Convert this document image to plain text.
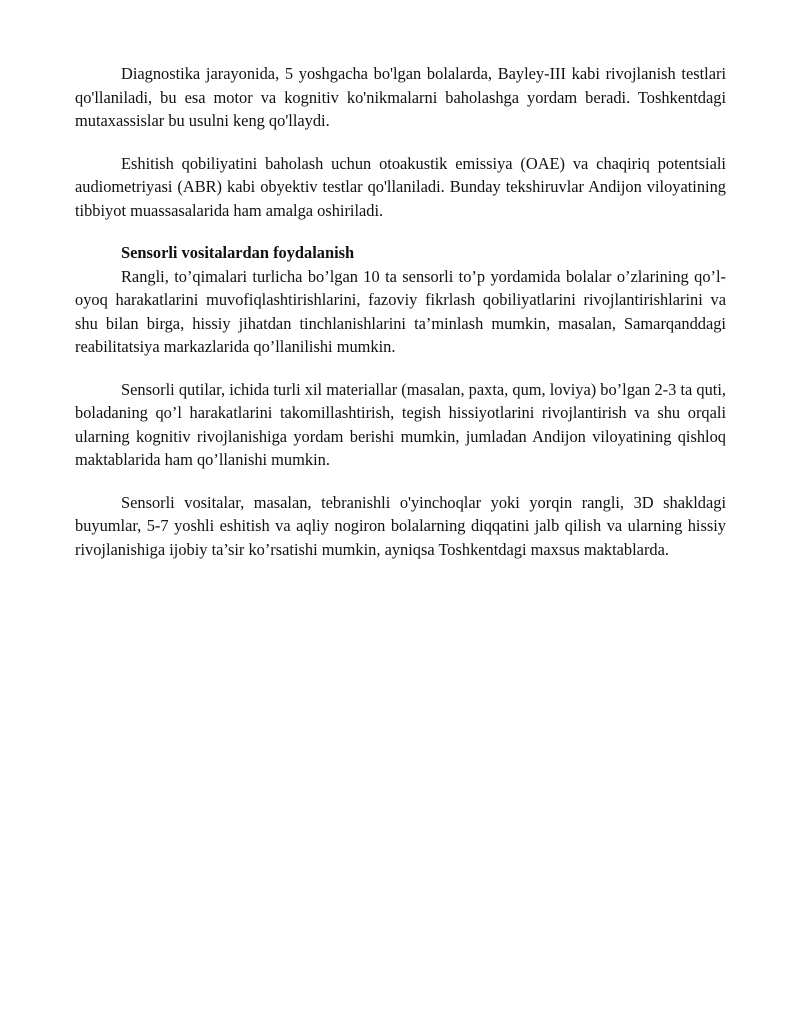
Diagnostika jarayonida, 5 yoshgacha bo'lgan bolalarda, Bayley-III kabi rivojlanish testlari qo'llaniladi, bu esa motor va kognitiv ko'nikmalarni baholashga yordam beradi. Toshkentdagi mutaxassislar bu usulni keng qo'llaydi.

Eshitish qobiliyatini baholash uchun otoakustik emissiya (OAE) va chaqiriq potentsiali audiometriyasi (ABR) kabi obyektiv testlar qo'llaniladi. Bunday tekshiruvlar Andijon viloyatining tibbiyot muassasalarida ham amalga oshiriladi.

Sensorli vositalardan foydalanish

Rangli, to’qimalari turlicha bo’lgan 10 ta sensorli to’p yordamida bolalar o’zlarining qo’l-oyoq harakatlarini muvofiqlashtirishlarini, fazoviy fikrlash qobiliyatlarini rivojlantirishlarini va shu bilan birga, hissiy jihatdan tinchlanishlarini ta’minlash mumkin, masalan, Samarqanddagi reabilitatsiya markazlarida qo’llanilishi mumkin.

Sensorli qutilar, ichida turli xil materiallar (masalan, paxta, qum, loviya) bo’lgan 2-3 ta quti, boladaning qo’l harakatlarini takomillashtirish, tegish hissiyotlarini rivojlantirish va shu orqali ularning kognitiv rivojlanishiga yordam berishi mumkin, jumladan Andijon viloyatining qishloq maktablarida ham qo’llanishi mumkin.

Sensorli vositalar, masalan, tebranishli o'yinchoqlar yoki yorqin rangli, 3D shakldagi buyumlar, 5-7 yoshli eshitish va aqliy nogiron bolalarning diqqatini jalb qilish va ularning hissiy rivojlanishiga ijobiy ta’sir ko’rsatishi mumkin, ayniqsa Toshkentdagi maxsus maktablarda.
